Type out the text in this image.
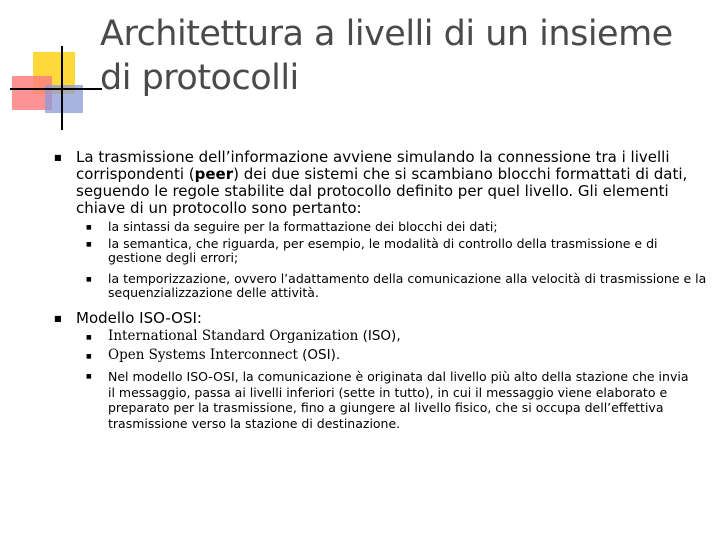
Architettura a livelli di un insieme di protocolli
■ La trasmissione dell’informazione avviene simulando la connessione tra i livelli corrispondenti (peer) dei due sistemi che si scambiano blocchi formattati di dati, seguendo le regole stabilite dal protocollo definito per quel livello. Gli elementi chiave di un protocollo sono pertanto:
■ la sintassi da seguire per la formattazione dei blocchi dei dati;
■ la semantica, che riguarda, per esempio, le modalità di controllo della trasmissione e di gestione degli errori;
■ la temporizzazione, ovvero l’adattamento della comunicazione alla velocità di trasmissione e la sequenzializzazione delle attività.
■ Modello ISO-OSI:
■ International Standard Organization (ISO),
■ Open Systems Interconnect (OSI).
■ Nel modello ISO-OSI, la comunicazione è originata dal livello più alto della stazione che invia il messaggio, passa ai livelli inferiori (sette in tutto), in cui il messaggio viene elaborato e preparato per la trasmissione, fino a giungere al livello fisico, che si occupa dell’effettiva trasmissione verso la stazione di destinazione.
